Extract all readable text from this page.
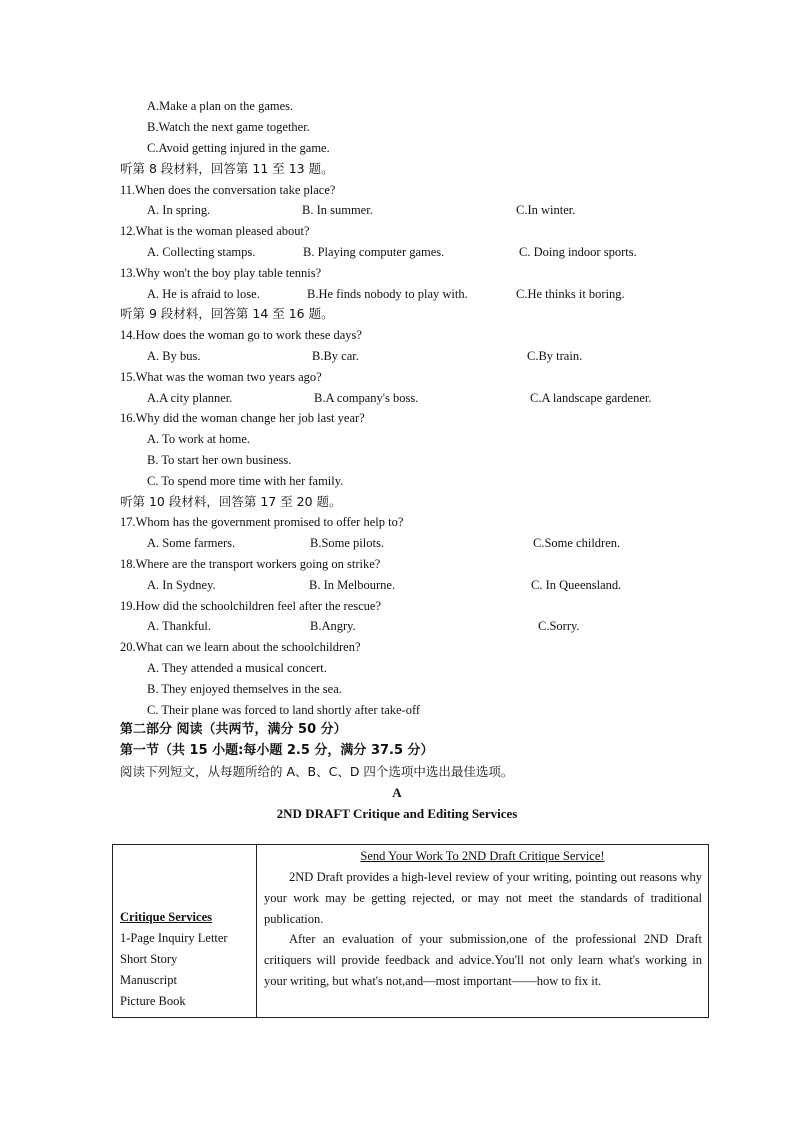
A.Make a plan on the games.
B.Watch the next game together.
C.Avoid getting injured in the game.
听第 8 段材料，回答第 11 至 13 题。
11.When does the conversation take place?
A. In spring.	B. In summer.	C.In winter.
12.What is the woman pleased about?
A. Collecting stamps.	B. Playing computer games.	C. Doing indoor sports.
13.Why won't the boy play table tennis?
A. He is afraid to lose.	B.He finds nobody to play with.	C.He thinks it boring.
听第 9 段材料，回答第 14 至 16 题。
14.How does the woman go to work these days?
A. By bus.	B.By car.	C.By train.
15.What was the woman two years ago?
A.A city planner.	B.A company's boss.	C.A landscape gardener.
16.Why did the woman change her job last year?
A. To work at home.
B. To start her own business.
C. To spend more time with her family.
听第 10 段材料，回答第 17 至 20 题。
17.Whom has the government promised to offer help to?
A. Some farmers.	B.Some pilots.	C.Some children.
18.Where are the transport workers going on strike?
A. In Sydney.	B. In Melbourne.	C. In Queensland.
19.How did the schoolchildren feel after the rescue?
A. Thankful.	B.Angry.	C.Sorry.
20.What can we learn about the schoolchildren?
A. They attended a musical concert.
B. They enjoyed themselves in the sea.
C. Their plane was forced to land shortly after take-off
第二部分 阅读（共两节，满分 50 分）
第一节（共 15 小题:每小题 2.5 分，满分 37.5 分）
阅读下列短文，从每题所给的 A、B、C、D 四个选项中选出最佳选项。
A
2ND DRAFT Critique and Editing Services
Critique Services
1-Page Inquiry Letter
Short Story
Manuscript
Picture Book

Send Your Work To 2ND Draft Critique Service!

2ND Draft provides a high-level review of your writing, pointing out reasons why your work may be getting rejected, or may not meet the standards of traditional publication.

After an evaluation of your submission,one of the professional 2ND Draft critiquers will provide feedback and advice.You'll not only learn what's working in your writing, but what's not,and—most important——how to fix it.
